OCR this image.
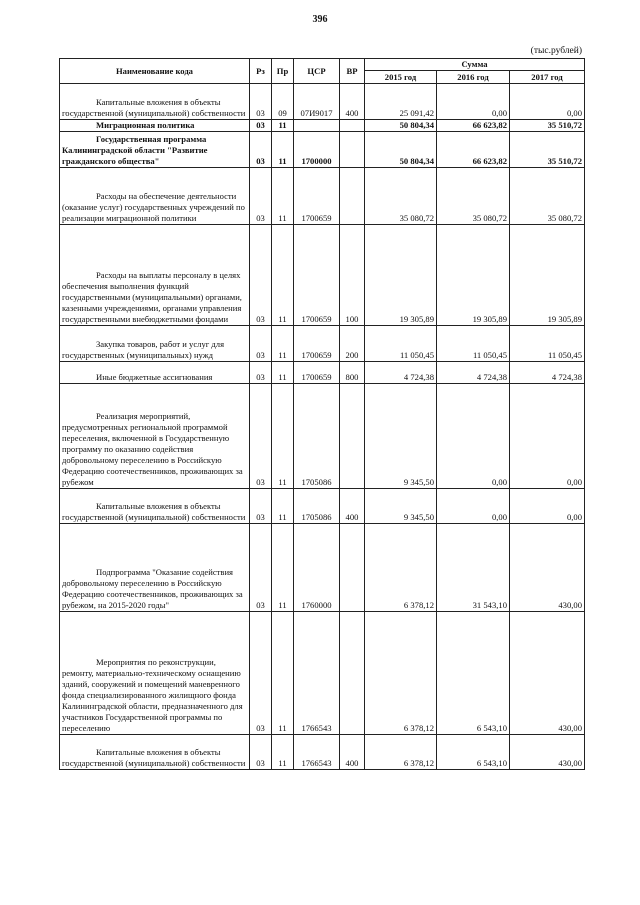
396
(тыс.рублей)
Наименование кода	Рз	Пр	ЦСР	ВР	Сумма		
					2015 год	2016 год	2017 год
Капитальные вложения в объекты государственной (муниципальной) собственности	03	09	07И9017	400	25 091,42	0,00	0,00
Миграционная политика	03	11			50 804,34	66 623,82	35 510,72
Государственная программа Калининградской области "Развитие гражданского общества"	03	11	1700000		50 804,34	66 623,82	35 510,72
Расходы на обеспечение деятельности (оказание услуг) государственных учреждений по реализации миграционной политики	03	11	1700659		35 080,72	35 080,72	35 080,72
Расходы на выплаты персоналу в целях обеспечения выполнения функций государственными (муниципальными) органами, казенными учреждениями, органами управления государственными внебюджетными фондами	03	11	1700659	100	19 305,89	19 305,89	19 305,89
Закупка товаров, работ и услуг для государственных (муниципальных) нужд	03	11	1700659	200	11 050,45	11 050,45	11 050,45
Иные бюджетные ассигнования	03	11	1700659	800	4 724,38	4 724,38	4 724,38
Реализация мероприятий, предусмотренных региональной программой переселения, включенной в Государственную программу по оказанию содействия добровольному переселению в Российскую Федерацию соотечественников, проживающих за рубежом	03	11	1705086		9 345,50	0,00	0,00
Капитальные вложения в объекты государственной (муниципальной) собственности	03	11	1705086	400	9 345,50	0,00	0,00
Подпрограмма "Оказание содействия добровольному переселению в Российскую Федерацию соотечественников, проживающих за рубежом, на 2015-2020 годы"	03	11	1760000		6 378,12	31 543,10	430,00
Мероприятия по реконструкции, ремонту, материально-техническому оснащению зданий, сооружений и помещений маневренного фонда специализированного жилищного фонда Калининградской области, предназначенного для участников Государственной программы по переселению	03	11	1766543		6 378,12	6 543,10	430,00
Капитальные вложения в объекты государственной (муниципальной) собственности	03	11	1766543	400	6 378,12	6 543,10	430,00
